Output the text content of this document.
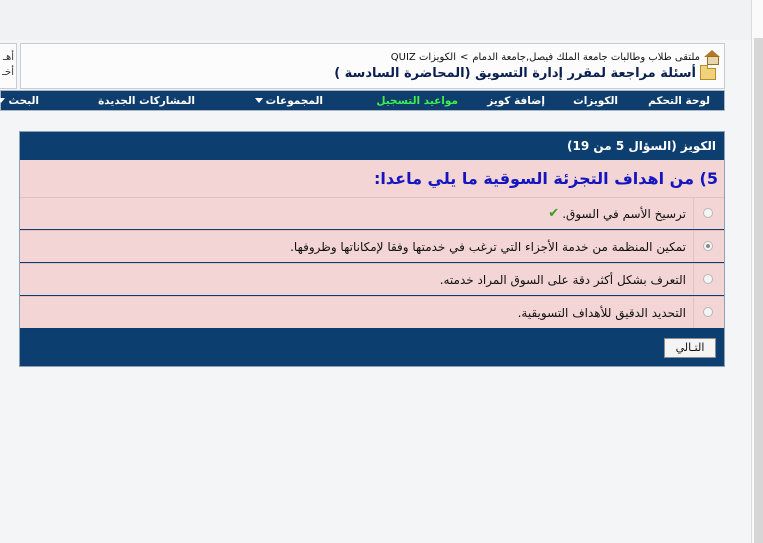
أهـ
أخـ
ملتقى طلاب وطالبات جامعة الملك فيصل,جامعة الدمام
>
الكويزات QUIZ
أسئلة مراجعة لمقرر إدارة التسويق (المحاضرة السادسة )
لوحة التحكم
الكويزات
إضافة كويز
مواعيد التسجيل
المجموعات
المشاركات الجديدة
البحث
الكويز (السؤال 5 من 19)
5) من اهداف التجزئة السوقية ما يلي ماعدا:
ترسيخ الأسم في السوق.
✔
تمكين المنظمة من خدمة الأجزاء التي ترغب في خدمتها وفقا لإمكاناتها وظروفها.
التعرف بشكل أكثر دقة على السوق المراد خدمته.
التحديد الدقيق للأهداف التسويقية.
التـالي
